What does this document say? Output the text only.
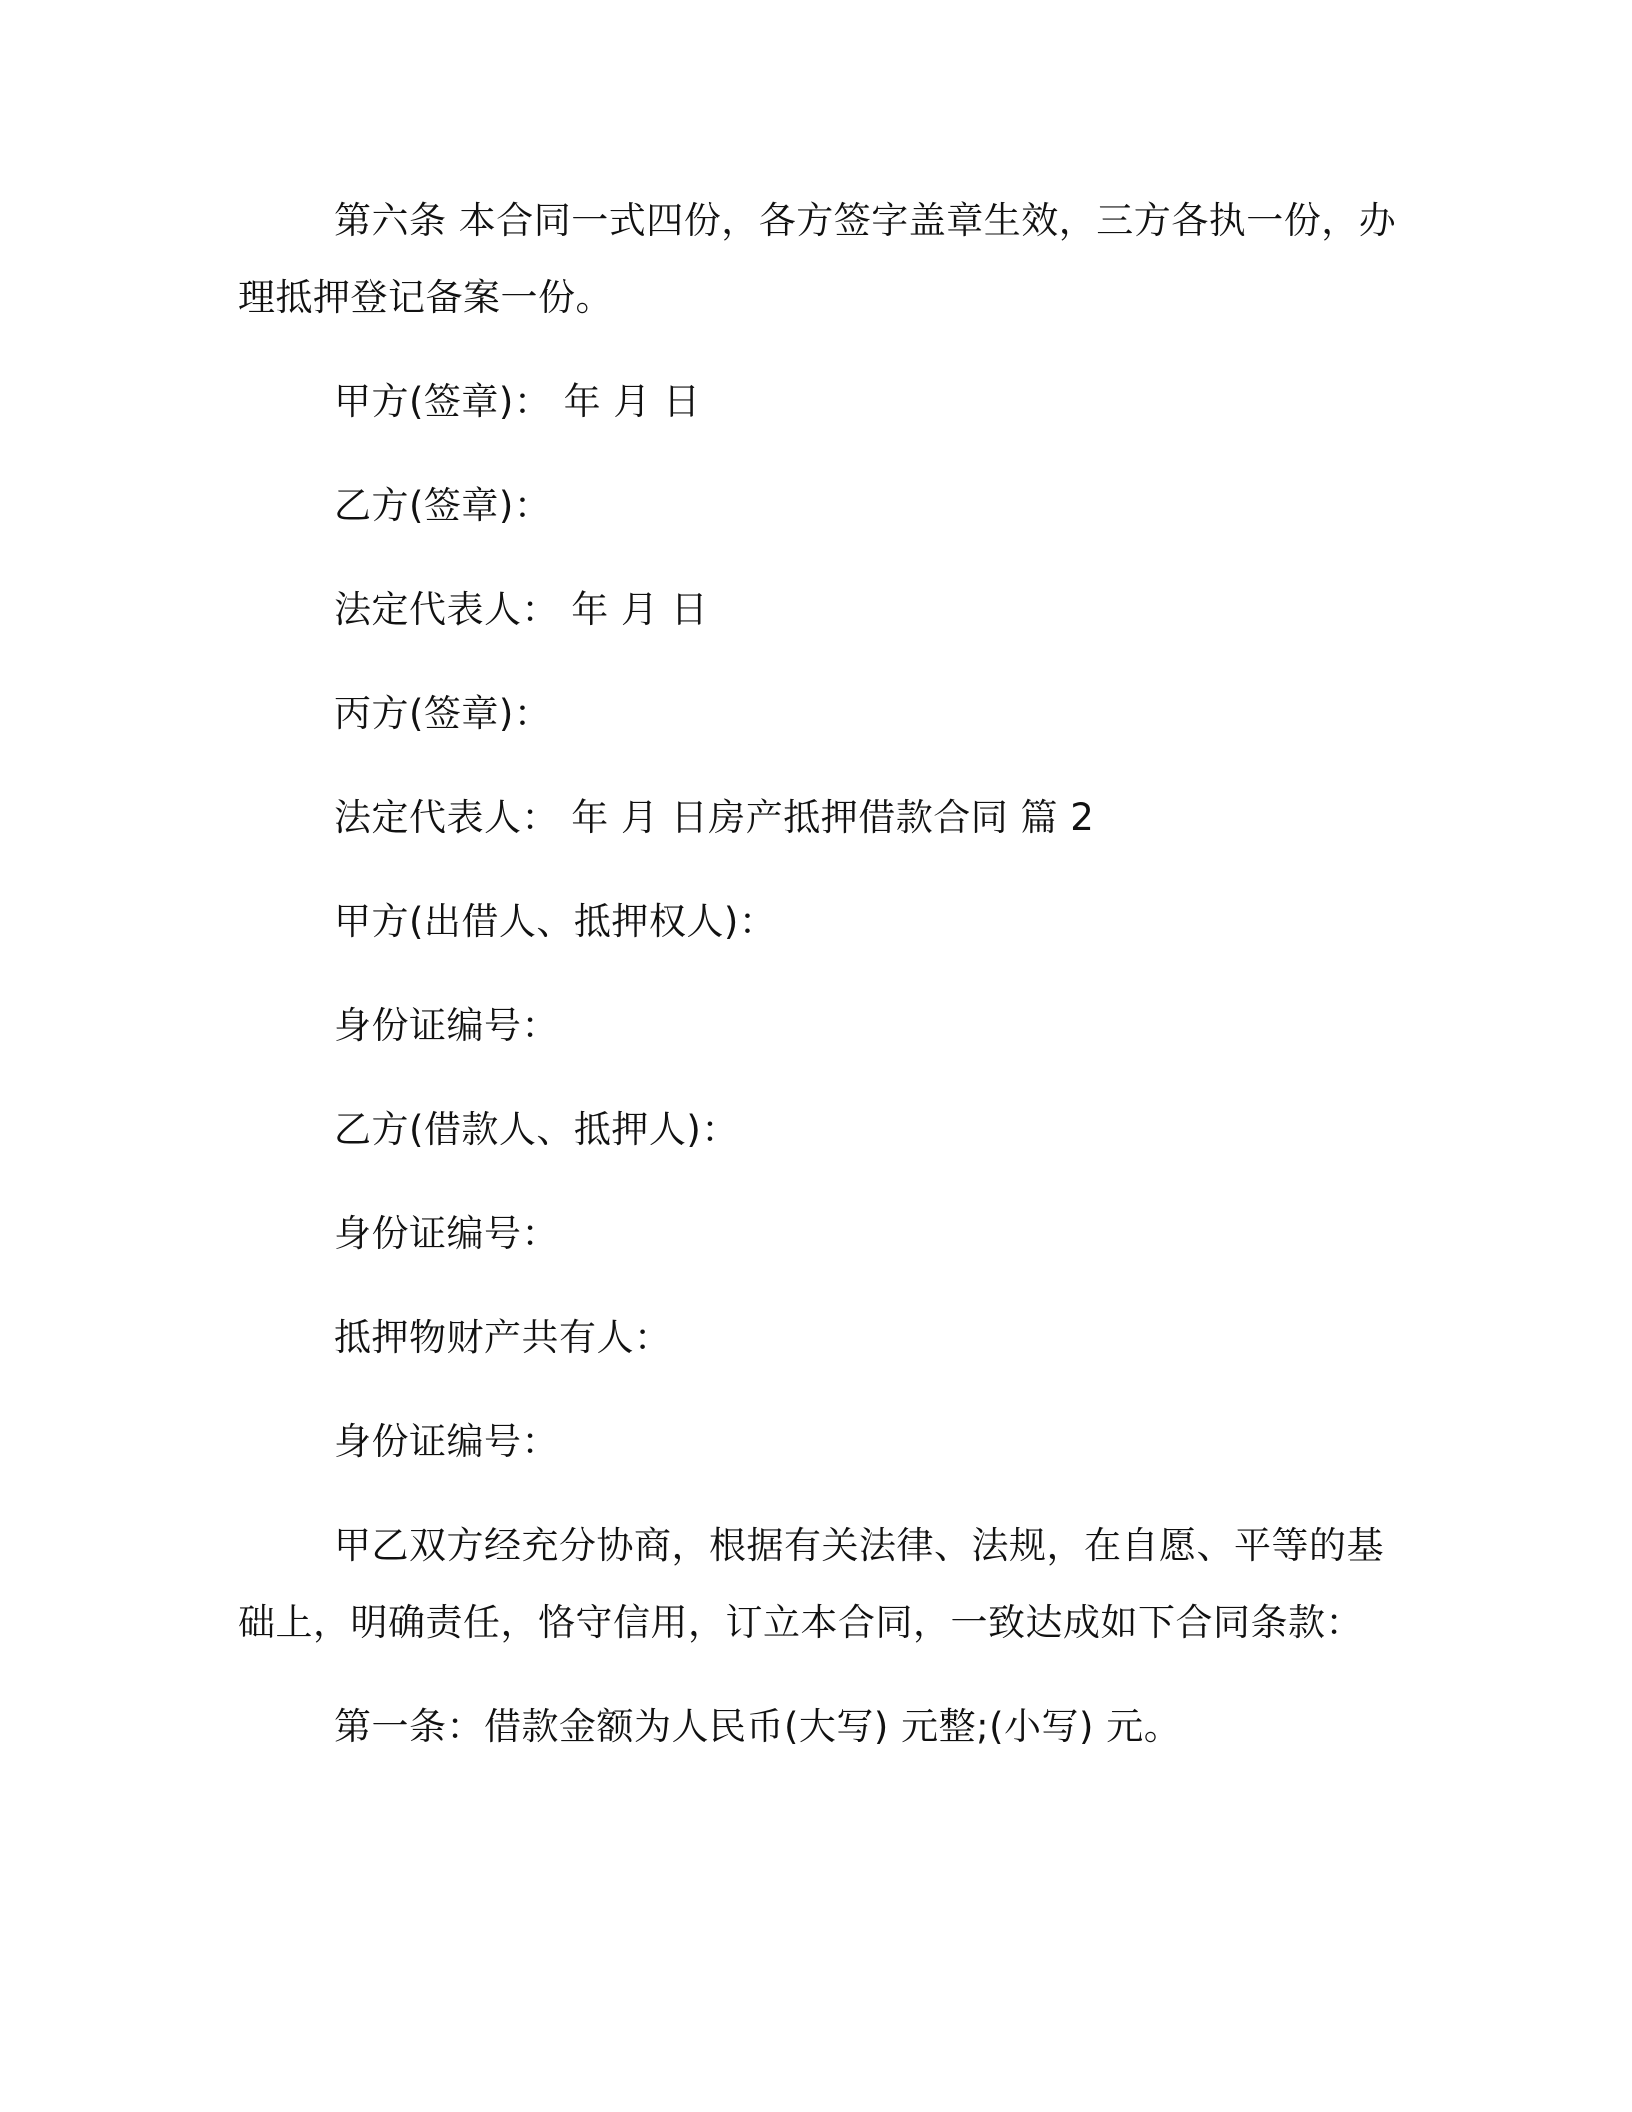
第六条 本合同一式四份，各方签字盖章生效，三方各执一份，办
理抵押登记备案一份。
甲方(签章)： 年 月 日
乙方(签章)：
法定代表人： 年 月 日
丙方(签章)：
法定代表人： 年 月 日房产抵押借款合同 篇 2
甲方(出借人、抵押权人)：
身份证编号：
乙方(借款人、抵押人)：
身份证编号：
抵押物财产共有人：
身份证编号：
甲乙双方经充分协商，根据有关法律、法规，在自愿、平等的基
础上，明确责任，恪守信用，订立本合同，一致达成如下合同条款：
第一条：借款金额为人民币(大写) 元整;(小写) 元。
